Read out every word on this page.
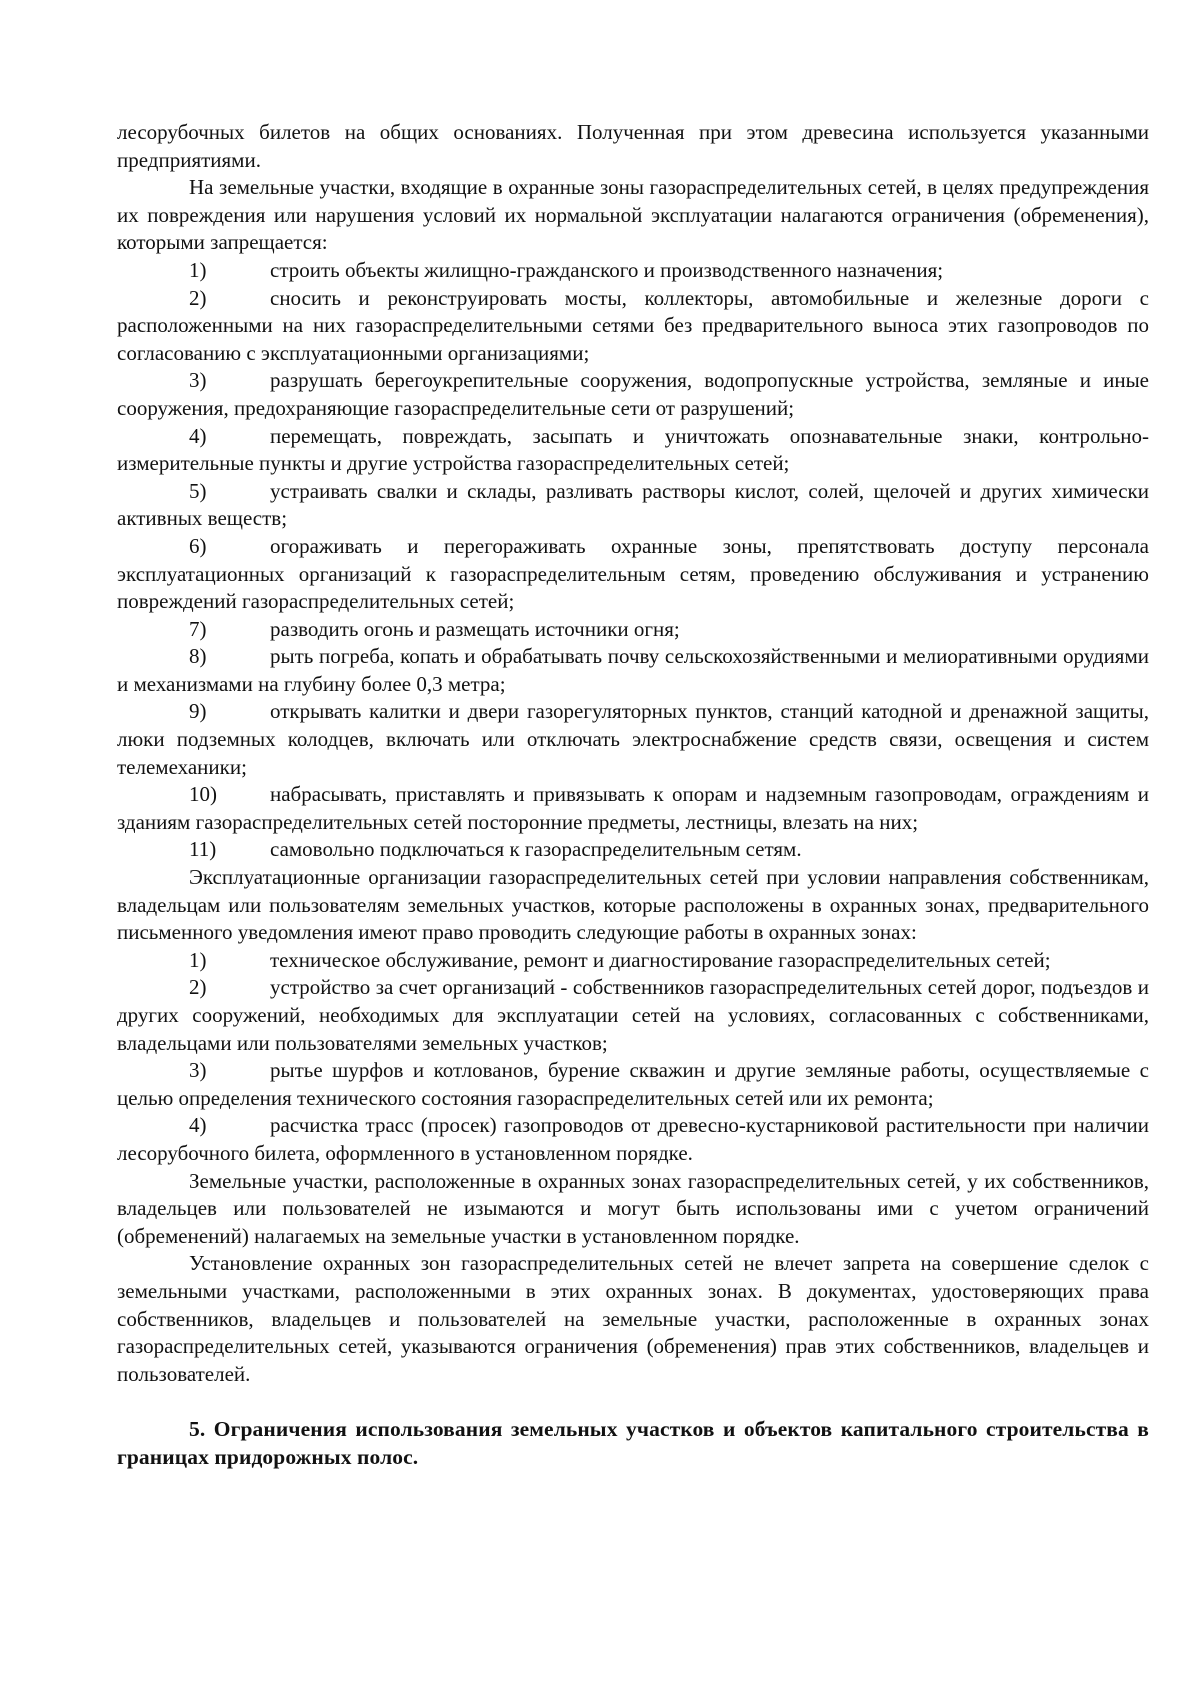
лесорубочных билетов на общих основаниях. Полученная при этом древесина используется указанными предприятиями.

На земельные участки, входящие в охранные зоны газораспределительных сетей, в целях предупреждения их повреждения или нарушения условий их нормальной эксплуатации налагаются ограничения (обременения), которыми запрещается:

1)	строить объекты жилищно-гражданского и производственного назначения;

2)	сносить и реконструировать мосты, коллекторы, автомобильные и железные дороги с расположенными на них газораспределительными сетями без предварительного выноса этих газопроводов по согласованию с эксплуатационными организациями;

3)	разрушать берегоукрепительные сооружения, водопропускные устройства, земляные и иные сооружения, предохраняющие газораспределительные сети от разрушений;

4)	перемещать, повреждать, засыпать и уничтожать опознавательные знаки, контрольно-измерительные пункты и другие устройства газораспределительных сетей;

5)	устраивать свалки и склады, разливать растворы кислот, солей, щелочей и других химически активных веществ;

6)	огораживать и перегораживать охранные зоны, препятствовать доступу персонала эксплуатационных организаций к газораспределительным сетям, проведению обслуживания и устранению повреждений газораспределительных сетей;

7)	разводить огонь и размещать источники огня;

8)	рыть погреба, копать и обрабатывать почву сельскохозяйственными и мелиоративными орудиями и механизмами на глубину более 0,3 метра;

9)	открывать калитки и двери газорегуляторных пунктов, станций катодной и дренажной защиты, люки подземных колодцев, включать или отключать электроснабжение средств связи, освещения и систем телемеханики;

10)	набрасывать, приставлять и привязывать к опорам и надземным газопроводам, ограждениям и зданиям газораспределительных сетей посторонние предметы, лестницы, влезать на них;

11)	самовольно подключаться к газораспределительным сетям.

Эксплуатационные организации газораспределительных сетей при условии направления собственникам, владельцам или пользователям земельных участков, которые расположены в охранных зонах, предварительного письменного уведомления имеют право проводить следующие работы в охранных зонах:

1)	техническое обслуживание, ремонт и диагностирование газораспределительных сетей;

2)	устройство за счет организаций - собственников газораспределительных сетей дорог, подъездов и других сооружений, необходимых для эксплуатации сетей на условиях, согласованных с собственниками, владельцами или пользователями земельных участков;

3)	рытье шурфов и котлованов, бурение скважин и другие земляные работы, осуществляемые с целью определения технического состояния газораспределительных сетей или их ремонта;

4)	расчистка трасс (просек) газопроводов от древесно-кустарниковой растительности при наличии лесорубочного билета, оформленного в установленном порядке.

Земельные участки, расположенные в охранных зонах газораспределительных сетей, у их собственников, владельцев или пользователей не изымаются и могут быть использованы ими с учетом ограничений (обременений) налагаемых на земельные участки в установленном порядке.

Установление охранных зон газораспределительных сетей не влечет запрета на совершение сделок с земельными участками, расположенными в этих охранных зонах. В документах, удостоверяющих права собственников, владельцев и пользователей на земельные участки, расположенные в охранных зонах газораспределительных сетей, указываются ограничения (обременения) прав этих собственников, владельцев и пользователей.

5. Ограничения использования земельных участков и объектов капитального строительства в границах придорожных полос.
